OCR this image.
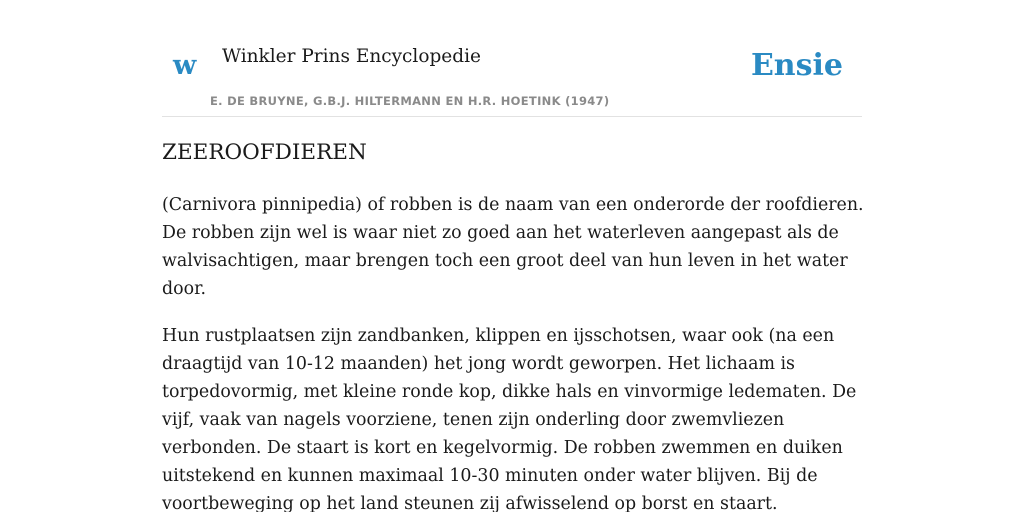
w Winkler Prins Encyclopedie
E. DE BRUYNE, G.B.J. HILTERMANN EN H.R. HOETINK (1947)
Ensie
ZEEROOFDIEREN

(Carnivora pinnipedia) of robben is de naam van een onderorde der roofdieren. De robben zijn wel is waar niet zo goed aan het waterleven aangepast als de walvisachtigen, maar brengen toch een groot deel van hun leven in het water door.

Hun rustplaatsen zijn zandbanken, klippen en ijsschotsen, waar ook (na een draagtijd van 10-12 maanden) het jong wordt geworpen. Het lichaam is torpedovormig, met kleine ronde kop, dikke hals en vinvormige ledematen. De vijf, vaak van nagels voorziene, tenen zijn onderling door zwemvliezen verbonden. De staart is kort en kegelvormig. De robben zwemmen en duiken uitstekend en kunnen maximaal 10-30 minuten onder water blijven. Bij de voortbeweging op het land steunen zij afwisselend op borst en staart.
